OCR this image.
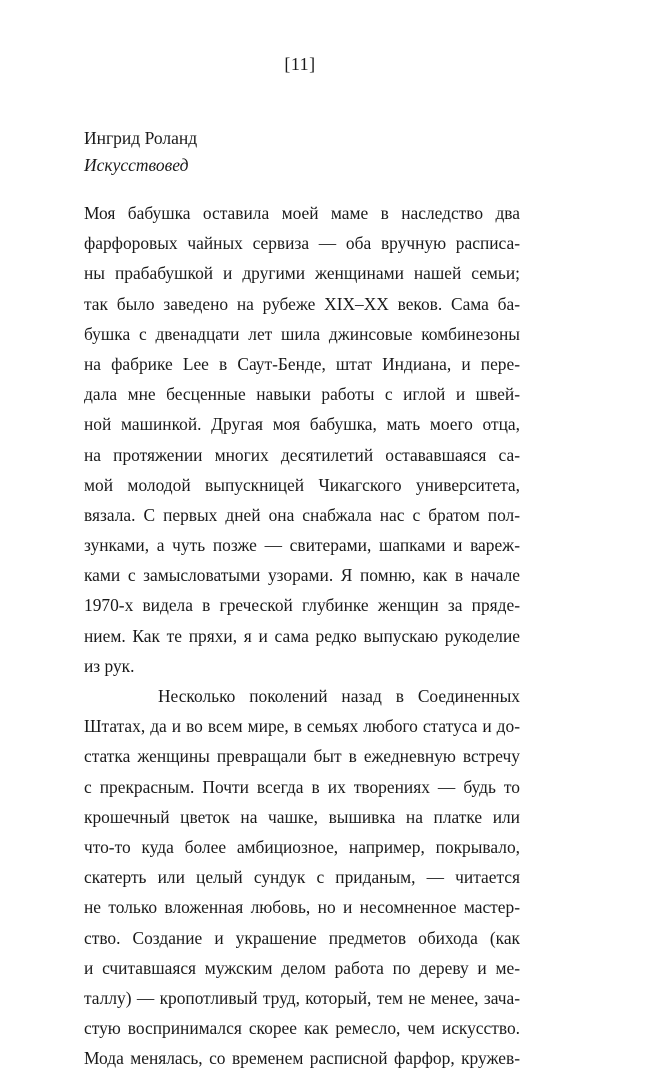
[11]
Ингрид Роланд
Искусствовед
Моя бабушка оставила моей маме в наследство два
фарфоровых чайных сервиза — оба вручную расписа-
ны прабабушкой и другими женщинами нашей семьи;
так было заведено на рубеже XIX–XX веков. Сама ба-
бушка с двенадцати лет шила джинсовые комбинезоны
на фабрике Lee в Саут-Бенде, штат Индиана, и пере-
дала мне бесценные навыки работы с иглой и швей-
ной машинкой. Другая моя бабушка, мать моего отца,
на протяжении многих десятилетий остававшаяся са-
мой молодой выпускницей Чикагского университета,
вязала. С первых дней она снабжала нас с братом пол-
зунками, а чуть позже — свитерами, шапками и вареж-
ками с замысловатыми узорами. Я помню, как в начале
1970-х видела в греческой глубинке женщин за пряде-
нием. Как те пряхи, я и сама редко выпускаю рукоделие
из рук.
Несколько поколений назад в Соединенных
Штатах, да и во всем мире, в семьях любого статуса и до-
статка женщины превращали быт в ежедневную встречу
с прекрасным. Почти всегда в их творениях — будь то
крошечный цветок на чашке, вышивка на платке или
что-то куда более амбициозное, например, покрывало,
скатерть или целый сундук с приданым, — читается
не только вложенная любовь, но и несомненное мастер-
ство. Создание и украшение предметов обихода (как
и считавшаяся мужским делом работа по дереву и ме-
таллу) — кропотливый труд, который, тем не менее, зача-
стую воспринимался скорее как ремесло, чем искусство.
Мода менялась, со временем расписной фарфор, кружев-
